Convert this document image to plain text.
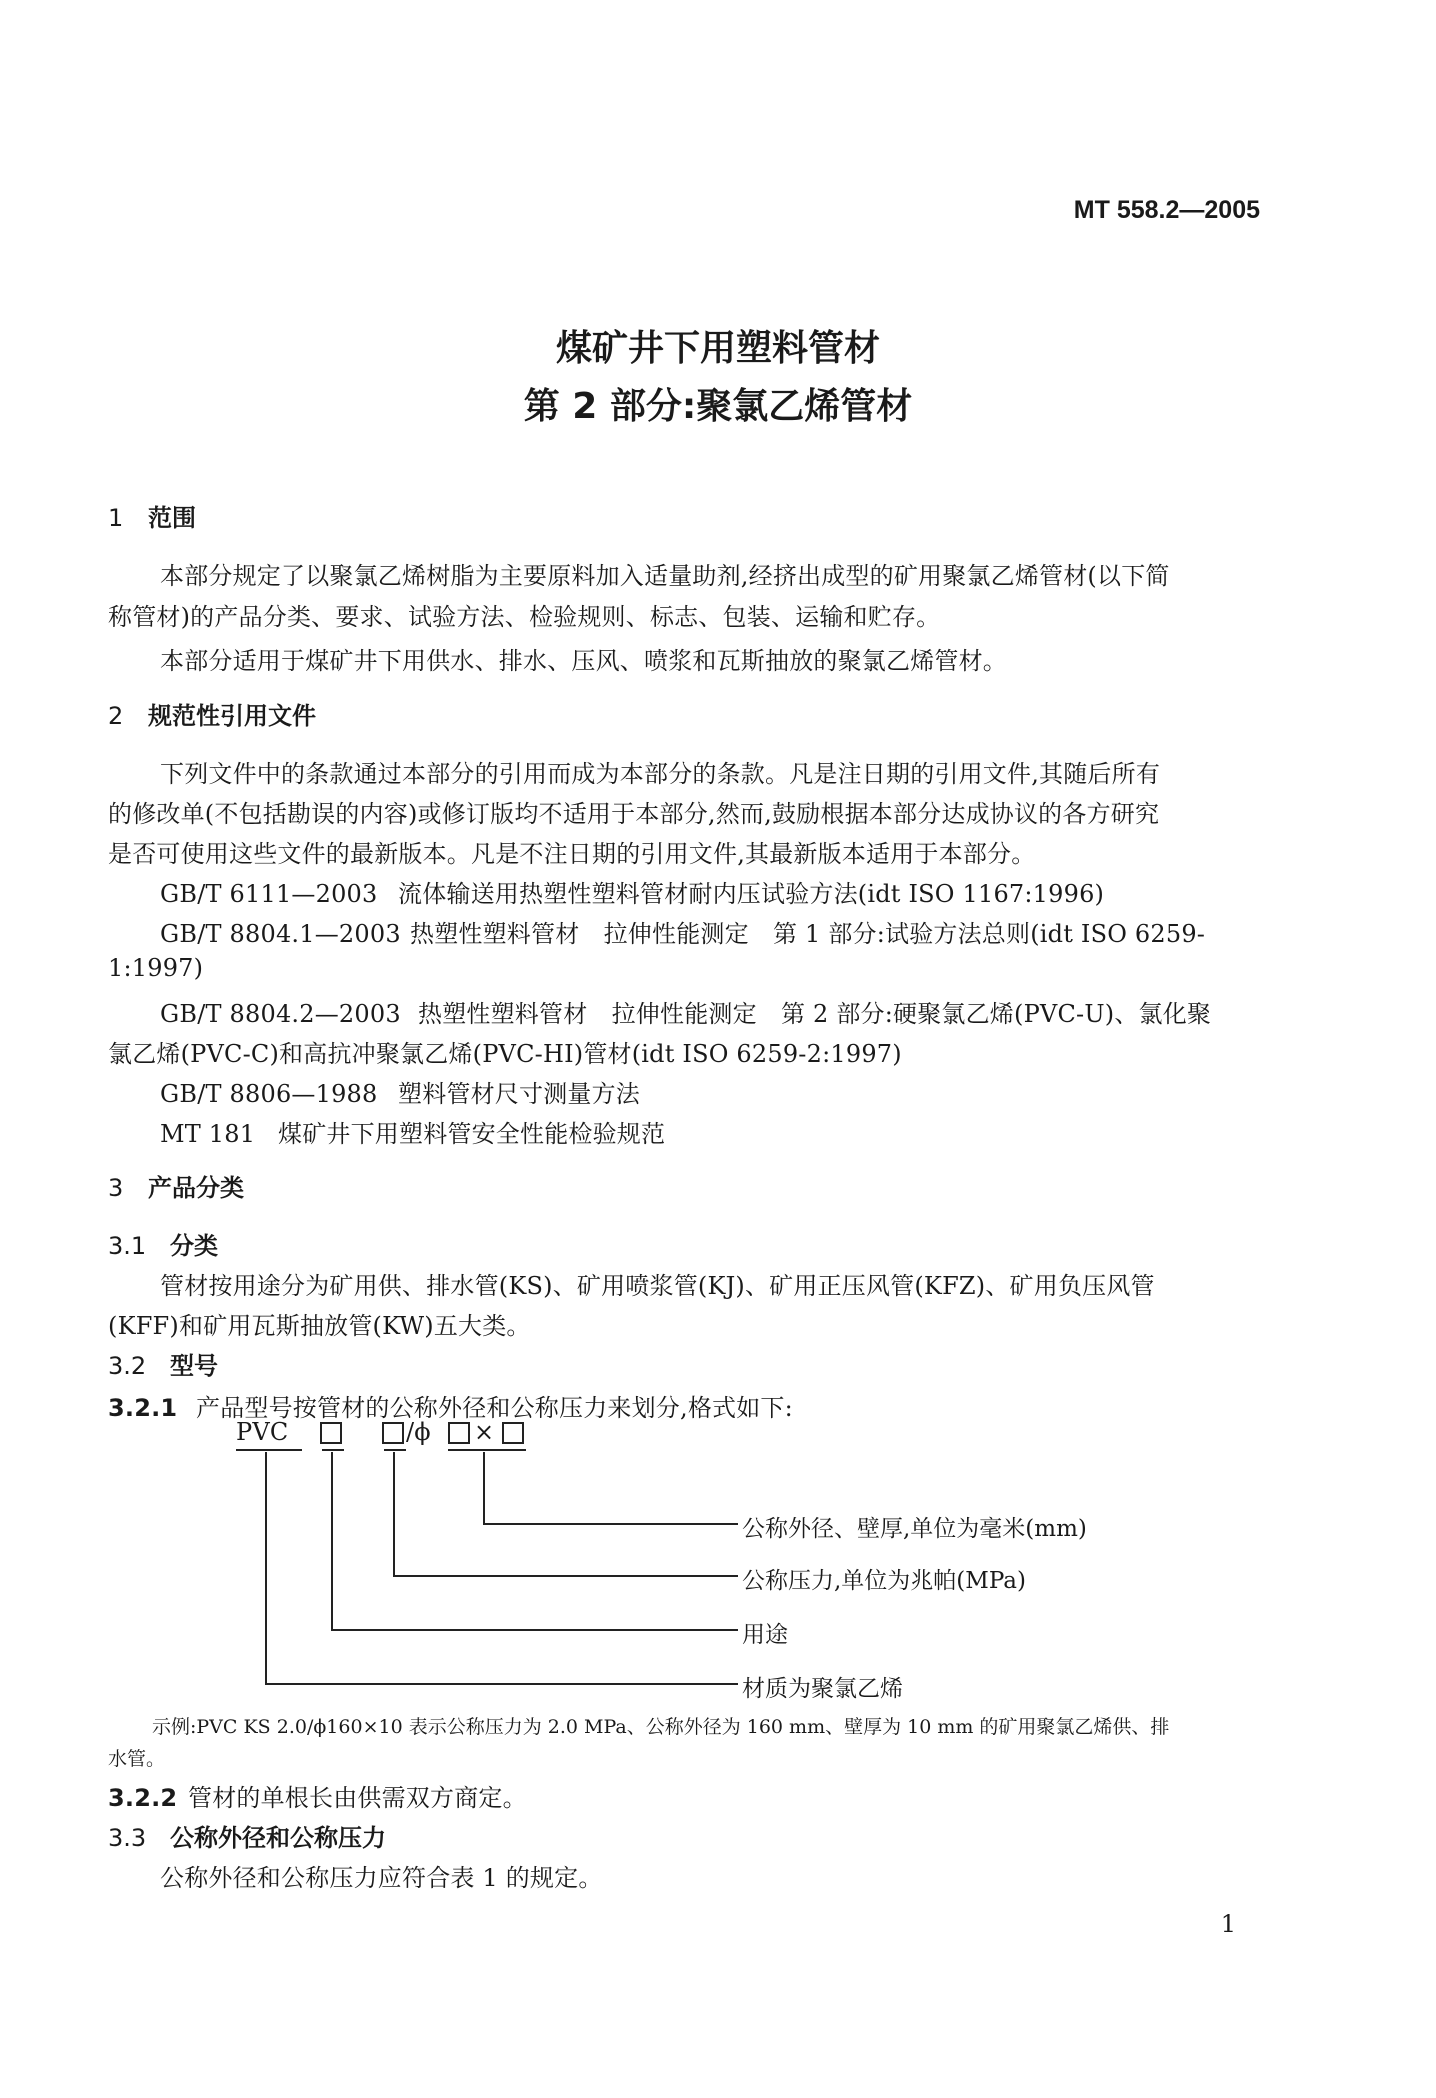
MT 558.2—2005
煤矿井下用塑料管材
第 2 部分:聚氯乙烯管材
1 范围
本部分规定了以聚氯乙烯树脂为主要原料加入适量助剂,经挤出成型的矿用聚氯乙烯管材(以下简
称管材)的产品分类、要求、试验方法、检验规则、标志、包装、运输和贮存。
本部分适用于煤矿井下用供水、排水、压风、喷浆和瓦斯抽放的聚氯乙烯管材。
2 规范性引用文件
下列文件中的条款通过本部分的引用而成为本部分的条款。凡是注日期的引用文件,其随后所有
的修改单(不包括勘误的内容)或修订版均不适用于本部分,然而,鼓励根据本部分达成协议的各方研究
是否可使用这些文件的最新版本。凡是不注日期的引用文件,其最新版本适用于本部分。
GB/T 6111—2003 流体输送用热塑性塑料管材耐内压试验方法(idt ISO 1167:1996)
GB/T 8804.1—2003 热塑性塑料管材　拉伸性能测定　第 1 部分:试验方法总则(idt ISO 6259-
1:1997)
GB/T 8804.2—2003 热塑性塑料管材　拉伸性能测定　第 2 部分:硬聚氯乙烯(PVC-U)、氯化聚
氯乙烯(PVC-C)和高抗冲聚氯乙烯(PVC-HI)管材(idt ISO 6259-2:1997)
GB/T 8806—1988 塑料管材尺寸测量方法
MT 181 煤矿井下用塑料管安全性能检验规范
3 产品分类
3.1 分类
管材按用途分为矿用供、排水管(KS)、矿用喷浆管(KJ)、矿用正压风管(KFZ)、矿用负压风管
(KFF)和矿用瓦斯抽放管(KW)五大类。
3.2 型号
3.2.1 产品型号按管材的公称外径和公称压力来划分,格式如下:
PVC	/ϕ ×
公称外径、壁厚,单位为毫米(mm)
公称压力,单位为兆帕(MPa)
用途
材质为聚氯乙烯
示例:PVC KS 2.0/ϕ160×10 表示公称压力为 2.0 MPa、公称外径为 160 mm、壁厚为 10 mm 的矿用聚氯乙烯供、排
水管。
3.2.2 管材的单根长由供需双方商定。
3.3 公称外径和公称压力
公称外径和公称压力应符合表 1 的规定。
1
